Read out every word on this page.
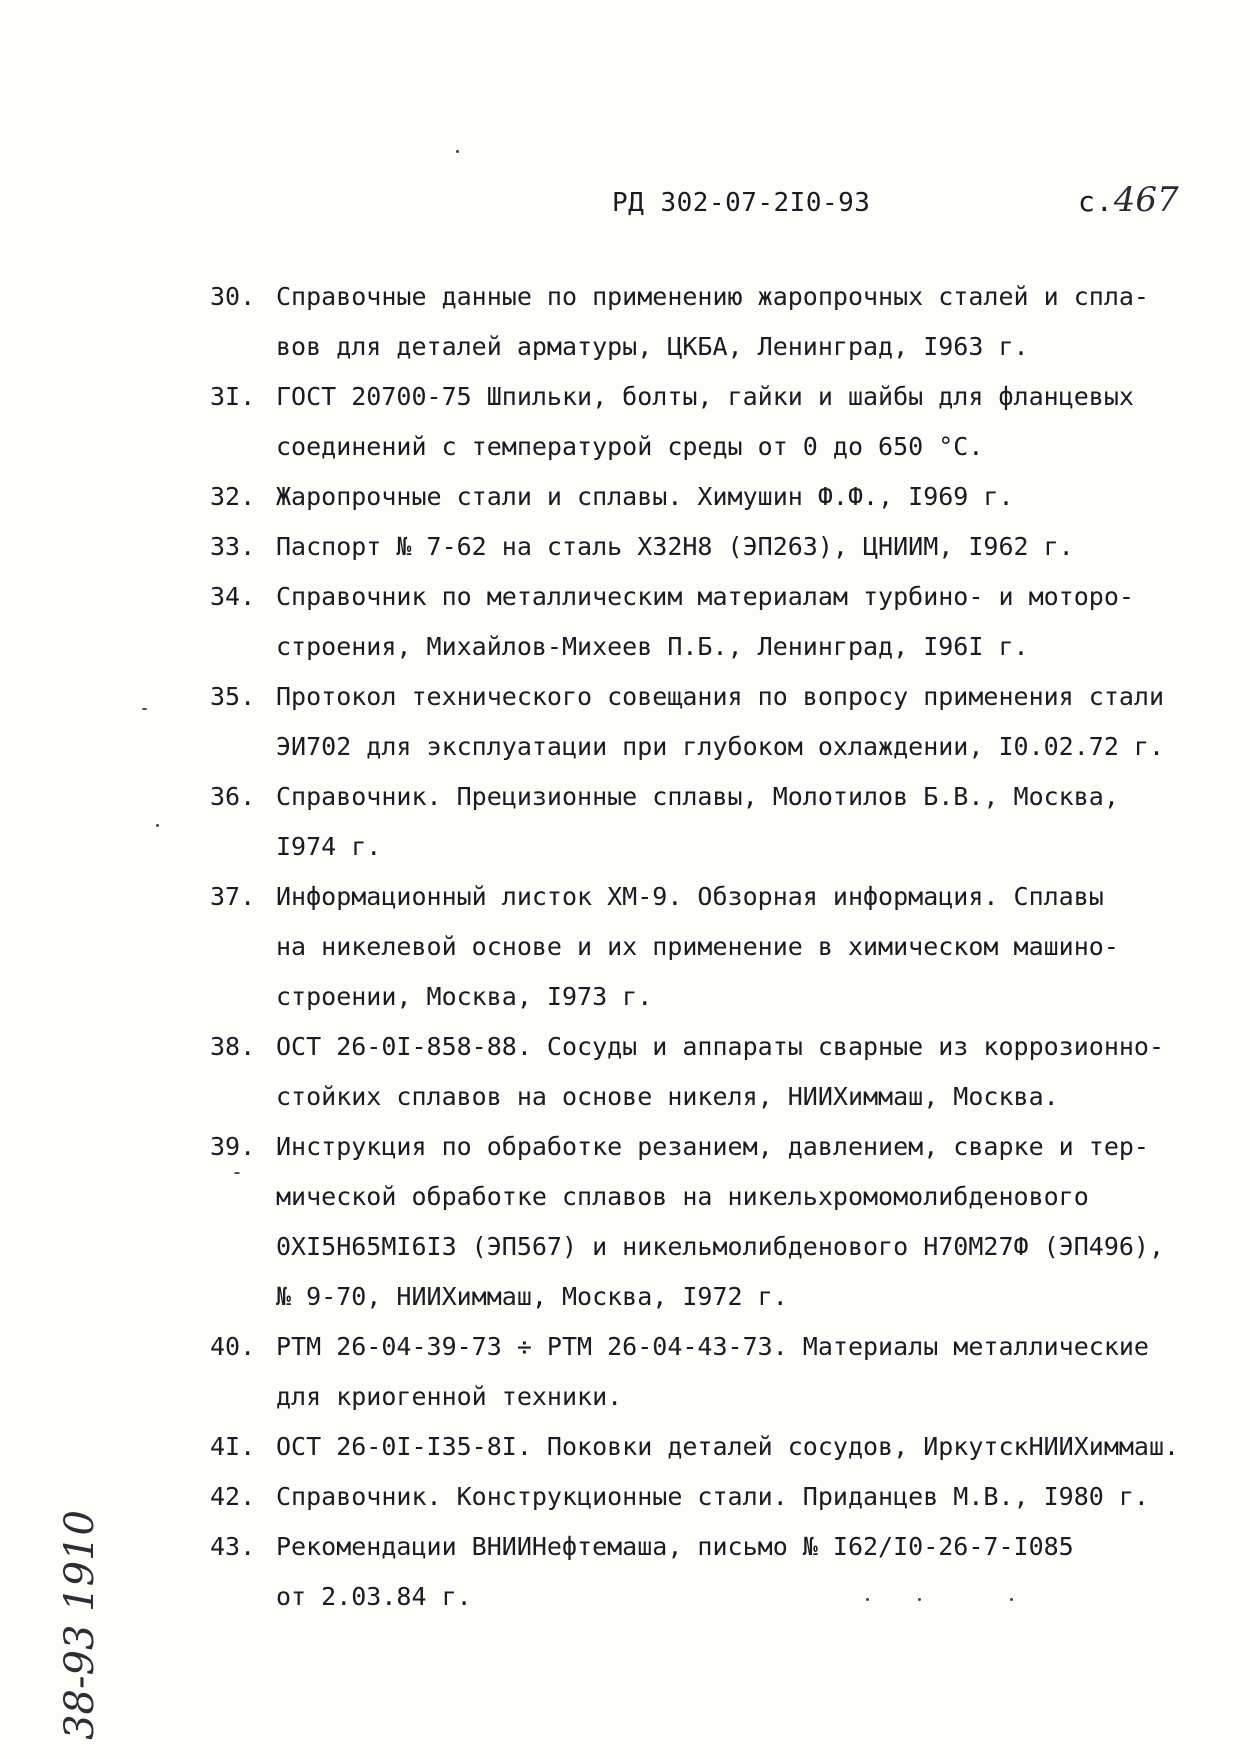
РД 302-07-2I0-93	с.467
30. Справочные данные по применению жаропрочных сталей и спла-
вов для деталей арматуры, ЦКБА, Ленинград, I963 г.
3I. ГОСТ 20700-75 Шпильки, болты, гайки и шайбы для фланцевых
соединений с температурой среды от 0 до 650 °С.
32. Жаропрочные стали и сплавы. Химушин Ф.Ф., I969 г.
33. Паспорт № 7-62 на сталь Х32Н8 (ЭП263), ЦНИИМ, I962 г.
34. Справочник по металлическим материалам турбино- и моторо-
строения, Михайлов-Михеев П.Б., Ленинград, I96I г.
35. Протокол технического совещания по вопросу применения стали
ЭИ702 для эксплуатации при глубоком охлаждении, I0.02.72 г.
36. Справочник. Прецизионные сплавы, Молотилов Б.В., Москва,
I974 г.
37. Информационный листок ХМ-9. Обзорная информация. Сплавы
на никелевой основе и их применение в химическом машино-
строении, Москва, I973 г.
38. ОСТ 26-0I-858-88. Сосуды и аппараты сварные из коррозионно-
стойких сплавов на основе никеля, НИИХиммаш, Москва.
39. Инструкция по обработке резанием, давлением, сварке и тер-
мической обработке сплавов на никельхромомолибденового
0ХI5Н65МI6I3 (ЭП567) и никельмолибденового Н70М27Ф (ЭП496),
№ 9-70, НИИХиммаш, Москва, I972 г.
40. РТМ 26-04-39-73 ÷ РТМ 26-04-43-73. Материалы металлические
для криогенной техники.
4I. ОСТ 26-0I-I35-8I. Поковки деталей сосудов, ИркутскНИИХиммаш.
42. Справочник. Конструкционные стали. Приданцев М.В., I980 г.
43. Рекомендации ВНИИНефтемаша, письмо № I62/I0-26-7-I085
от 2.03.84 г.
38-93 1910
